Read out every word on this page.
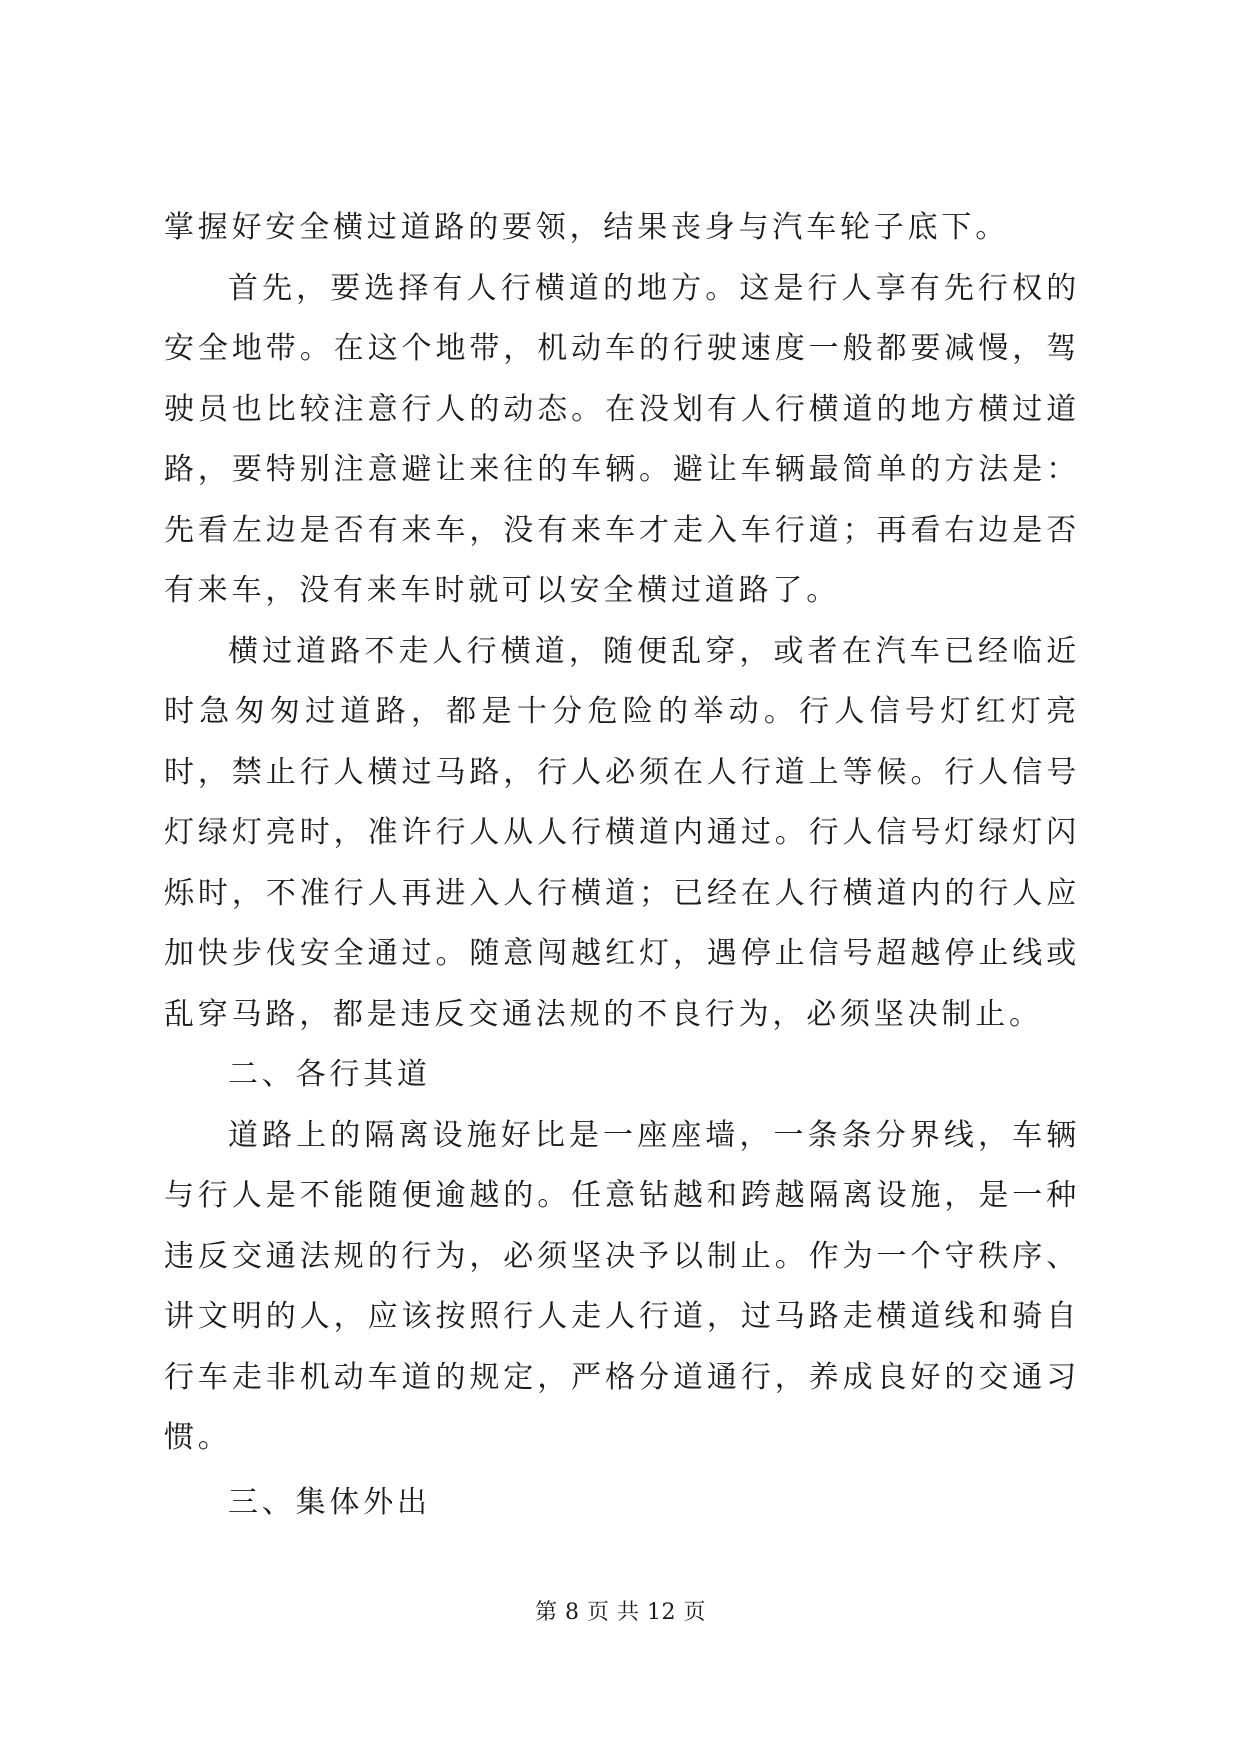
掌握好安全横过道路的要领，结果丧身与汽车轮子底下。

首先，要选择有人行横道的地方。这是行人享有先行权的安全地带。在这个地带，机动车的行驶速度一般都要减慢，驾驶员也比较注意行人的动态。在没划有人行横道的地方横过道路，要特别注意避让来往的车辆。避让车辆最简单的方法是：先看左边是否有来车，没有来车才走入车行道；再看右边是否有来车，没有来车时就可以安全横过道路了。

横过道路不走人行横道，随便乱穿，或者在汽车已经临近时急匆匆过道路，都是十分危险的举动。行人信号灯红灯亮时，禁止行人横过马路，行人必须在人行道上等候。行人信号灯绿灯亮时，准许行人从人行横道内通过。行人信号灯绿灯闪烁时，不准行人再进入人行横道；已经在人行横道内的行人应加快步伐安全通过。随意闯越红灯，遇停止信号超越停止线或乱穿马路，都是违反交通法规的不良行为，必须坚决制止。

二、各行其道

道路上的隔离设施好比是一座座墙，一条条分界线，车辆与行人是不能随便逾越的。任意钻越和跨越隔离设施，是一种违反交通法规的行为，必须坚决予以制止。作为一个守秩序、讲文明的人，应该按照行人走人行道，过马路走横道线和骑自行车走非机动车道的规定，严格分道通行，养成良好的交通习惯。

三、集体外出

第 8 页 共 12 页
